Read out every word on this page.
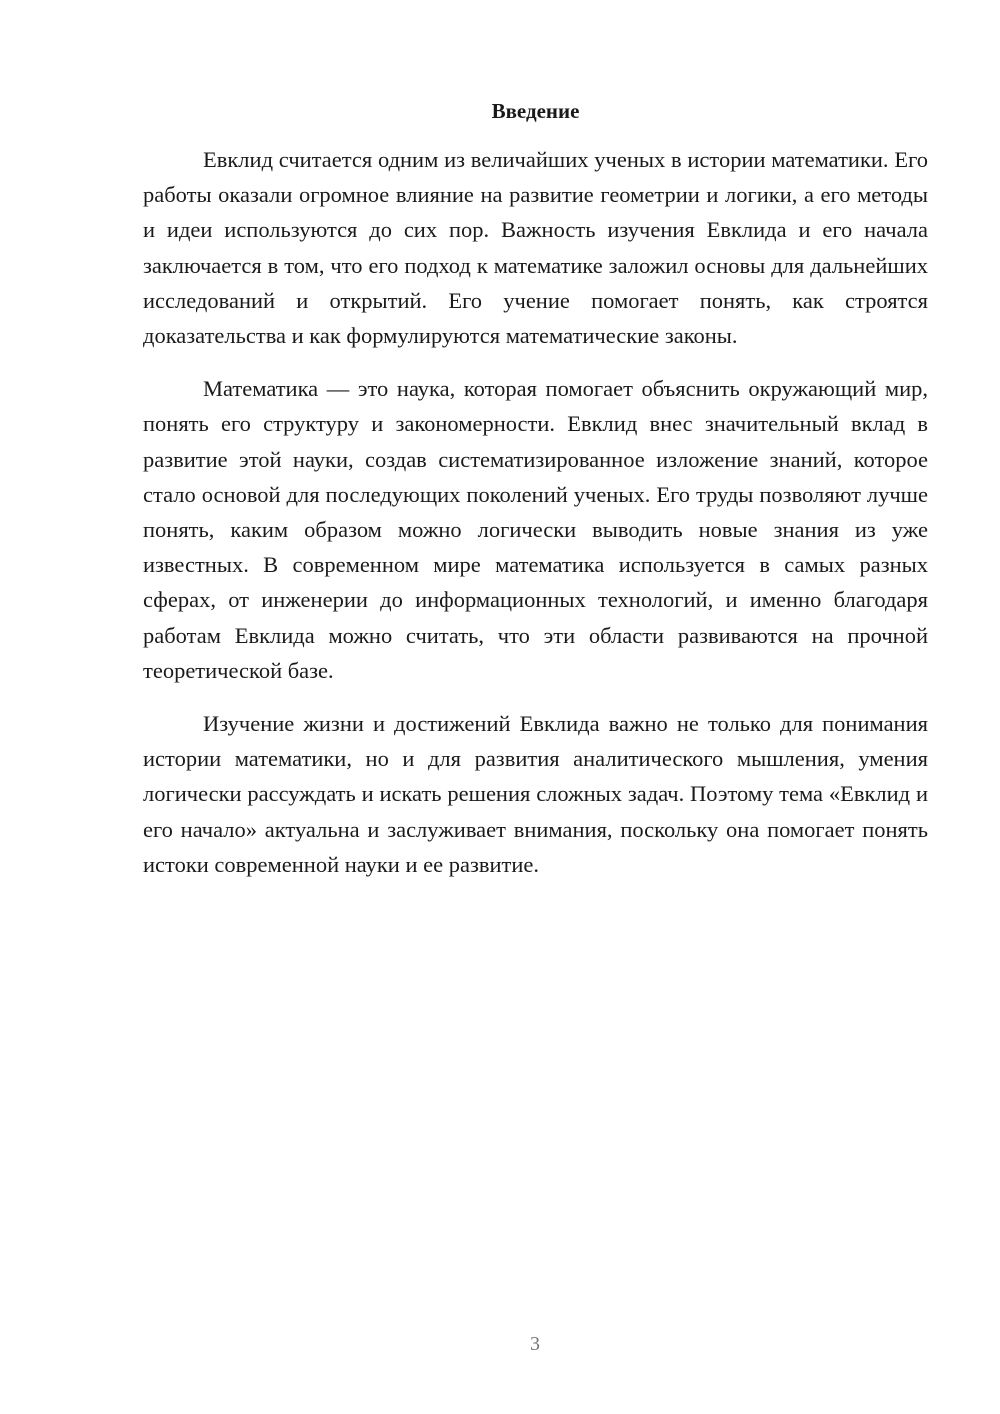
Введение

Евклид считается одним из величайших ученых в истории математики. Его работы оказали огромное влияние на развитие геометрии и логики, а его методы и идеи используются до сих пор. Важность изучения Евклида и его начала заключается в том, что его подход к математике заложил основы для дальнейших исследований и открытий. Его учение помогает понять, как строятся доказательства и как формулируются математические законы.

Математика — это наука, которая помогает объяснить окружающий мир, понять его структуру и закономерности. Евклид внес значительный вклад в развитие этой науки, создав систематизированное изложение знаний, которое стало основой для последующих поколений ученых. Его труды позволяют лучше понять, каким образом можно логически выводить новые знания из уже известных. В современном мире математика используется в самых разных сферах, от инженерии до информационных технологий, и именно благодаря работам Евклида можно считать, что эти области развиваются на прочной теоретической базе.

Изучение жизни и достижений Евклида важно не только для понимания истории математики, но и для развития аналитического мышления, умения логически рассуждать и искать решения сложных задач. Поэтому тема «Евклид и его начало» актуальна и заслуживает внимания, поскольку она помогает понять истоки современной науки и ее развитие.

3
